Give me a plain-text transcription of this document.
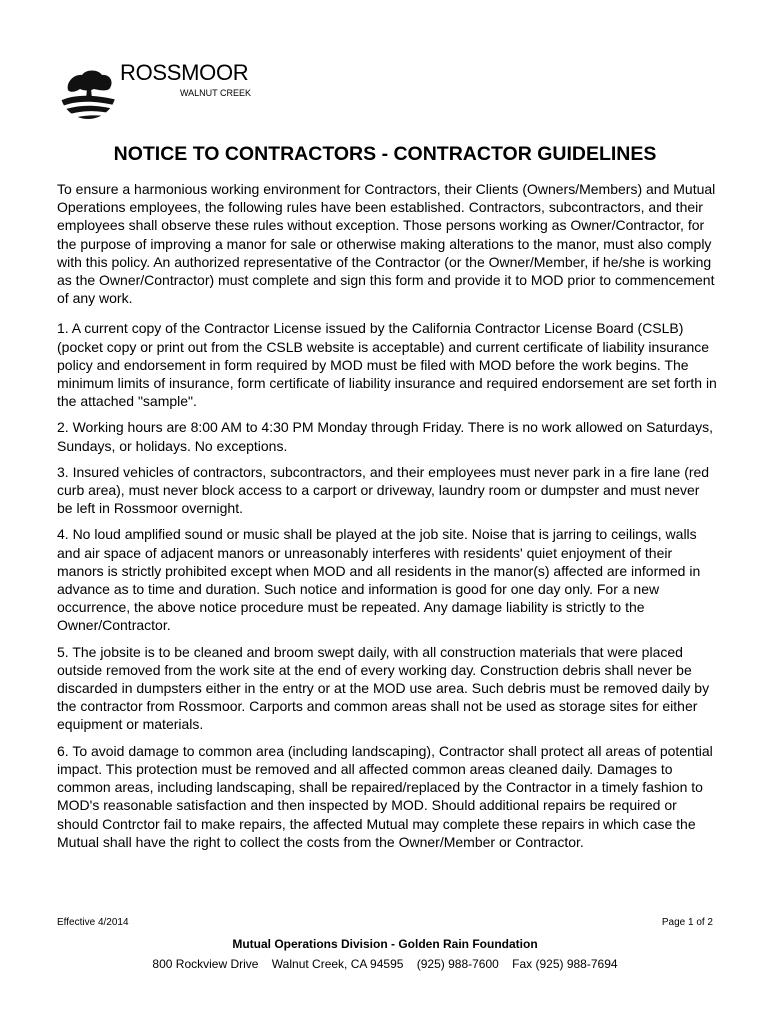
ROSSMOOR
WALNUT CREEK
NOTICE TO CONTRACTORS - CONTRACTOR GUIDELINES

To ensure a harmonious working environment for Contractors, their Clients (Owners/Members) and Mutual Operations employees, the following rules have been established. Contractors, subcontractors, and their employees shall observe these rules without exception. Those persons working as Owner/Contractor, for the purpose of improving a manor for sale or otherwise making alterations to the manor, must also comply with this policy. An authorized representative of the Contractor (or the Owner/Member, if he/she is working as the Owner/Contractor) must complete and sign this form and provide it to MOD prior to commencement of any work.

1. A current copy of the Contractor License issued by the California Contractor License Board (CSLB) (pocket copy or print out from the CSLB website is acceptable) and current certificate of liability insurance policy and endorsement in form required by MOD must be filed with MOD before the work begins. The minimum limits of insurance, form certificate of liability insurance and required endorsement are set forth in the attached "sample".

2. Working hours are 8:00 AM to 4:30 PM Monday through Friday. There is no work allowed on Saturdays, Sundays, or holidays. No exceptions.

3. Insured vehicles of contractors, subcontractors, and their employees must never park in a fire lane (red curb area), must never block access to a carport or driveway, laundry room or dumpster and must never be left in Rossmoor overnight.

4. No loud amplified sound or music shall be played at the job site. Noise that is jarring to ceilings, walls and air space of adjacent manors or unreasonably interferes with residents' quiet enjoyment of their manors is strictly prohibited except when MOD and all residents in the manor(s) affected are informed in advance as to time and duration. Such notice and information is good for one day only. For a new occurrence, the above notice procedure must be repeated. Any damage liability is strictly to the Owner/Contractor.

5. The jobsite is to be cleaned and broom swept daily, with all construction materials that were placed outside removed from the work site at the end of every working day. Construction debris shall never be discarded in dumpsters either in the entry or at the MOD use area. Such debris must be removed daily by the contractor from Rossmoor. Carports and common areas shall not be used as storage sites for either equipment or materials.

6. To avoid damage to common area (including landscaping), Contractor shall protect all areas of potential impact. This protection must be removed and all affected common areas cleaned daily. Damages to common areas, including landscaping, shall be repaired/replaced by the Contractor in a timely fashion to MOD's reasonable satisfaction and then inspected by MOD. Should additional repairs be required or should Contrctor fail to make repairs, the affected Mutual may complete these repairs in which case the Mutual shall have the right to collect the costs from the Owner/Member or Contractor.

Effective 4/2014	Page 1 of 2
Mutual Operations Division - Golden Rain Foundation
800 Rockview Drive    Walnut Creek, CA 94595    (925) 988-7600    Fax (925) 988-7694
